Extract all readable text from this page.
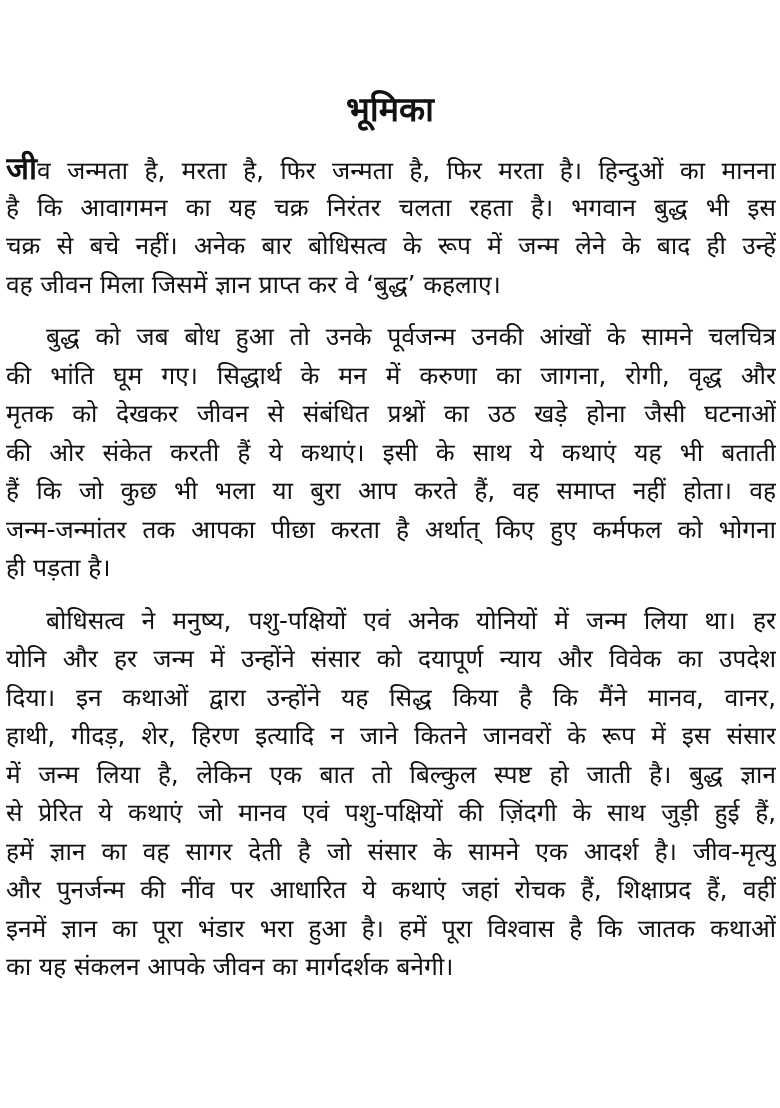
भूमिका
जीव जन्मता है, मरता है, फिर जन्मता है, फिर मरता है। हिन्दुओं का मानना
है कि आवागमन का यह चक्र निरंतर चलता रहता है। भगवान बुद्ध भी इस
चक्र से बचे नहीं। अनेक बार बोधिसत्व के रूप में जन्म लेने के बाद ही उन्हें
वह जीवन मिला जिसमें ज्ञान प्राप्त कर वे ‘बुद्ध’ कहलाए।
बुद्ध को जब बोध हुआ तो उनके पूर्वजन्म उनकी आंखों के सामने चलचित्र
की भांति घूम गए। सिद्धार्थ के मन में करुणा का जागना, रोगी, वृद्ध और
मृतक को देखकर जीवन से संबंधित प्रश्नों का उठ खड़े होना जैसी घटनाओं
की ओर संकेत करती हैं ये कथाएं। इसी के साथ ये कथाएं यह भी बताती
हैं कि जो कुछ भी भला या बुरा आप करते हैं, वह समाप्त नहीं होता। वह
जन्म-जन्मांतर तक आपका पीछा करता है अर्थात् किए हुए कर्मफल को भोगना
ही पड़ता है।
बोधिसत्व ने मनुष्य, पशु-पक्षियों एवं अनेक योनियों में जन्म लिया था। हर
योनि और हर जन्म में उन्होंने संसार को दयापूर्ण न्याय और विवेक का उपदेश
दिया। इन कथाओं द्वारा उन्होंने यह सिद्ध किया है कि मैंने मानव, वानर,
हाथी, गीदड़, शेर, हिरण इत्यादि न जाने कितने जानवरों के रूप में इस संसार
में जन्म लिया है, लेकिन एक बात तो बिल्कुल स्पष्ट हो जाती है। बुद्ध ज्ञान
से प्रेरित ये कथाएं जो मानव एवं पशु-पक्षियों की ज़िंदगी के साथ जुड़ी हुई हैं,
हमें ज्ञान का वह सागर देती है जो संसार के सामने एक आदर्श है। जीव-मृत्यु
और पुनर्जन्म की नींव पर आधारित ये कथाएं जहां रोचक हैं, शिक्षाप्रद हैं, वहीं
इनमें ज्ञान का पूरा भंडार भरा हुआ है। हमें पूरा विश्वास है कि जातक कथाओं
का यह संकलन आपके जीवन का मार्गदर्शक बनेगी।
